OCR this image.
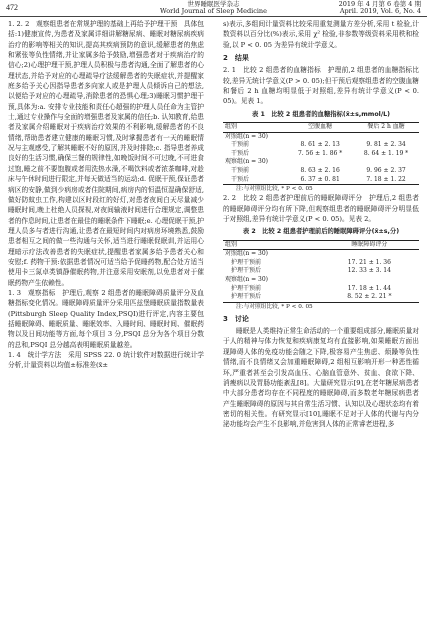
472	世界睡眠医学杂志
World Journal of Sleep Medicine
2019 年 4 月第 6 卷第 4 期
April. 2019, Vol. 6, No. 4

1. 2. 2　观察组患者在常规护理的基础上再给予护理干预　具体包括:1)健康宣传,为患者及家属详细讲解糖尿病、睡眠对糖尿病疾病治疗的影响等相关的知识,提高其疾病预防的意识,缓解患者的焦虑和紧张等负性情绪,并让家属多给予鼓励,增强患者对于疾病治疗的信心;2)心理护理干预,护理人员积极与患者沟通,全面了解患者的心理状态,并给予对应的心理疏导疗法缓解患者的失眠症状,并提醒家庭多给予关心因指导患者多向家人或是护理人员倾诉自己的想法,以便给予对应的心理疏导,消除患者的恐惧心理;3)睡眠习惯护理干预,具体为:a. 安排专业技能和责任心超强的护理人员任命为主管护士,通过专业操作与全面的增强患者及家属的信任;b. 认知教育,给患者及家属介绍睡眠对于疾病治疗效果的不利影响,缓解患者的不良情绪,帮助患者建立健康的睡眠习惯,及时掌握患者有一天的睡眠情况与主观感受,了解其睡眠不好的原因,并及时排除;c. 指导患者养成良好的生活习惯,确保三餐的规律性,如晚饭时间不可过晚,不可进食过饱,睡之前不要饱腹或者用洗热水澡,不喝饮料或者浓茶咖啡,对趁床与午休时间进行限定,并每天做适当的运动;d. 促眠干预,保证患者病区的安静,做到少病房或者住院期间,病房内的恒温恒湿确保舒适,做好防蚊虫工作,构建以区时段红的好灯,对患者夜间白天尽量减少睡眠时间,晚上杜绝人员探视,对夜间输液时间进行合理规定,调整患者的作息时间,让患者在最佳的睡眠条件下睡眠;e. 心理促眠干预,护理人员多与者进行沟通,让患者在最短时间内对病房环境熟悉,鼓励患者相互之间的做一些沟通与关怀,适当进行睡眠促眠训,并运用心理暗示疗法改善患者的失眠症状,提醒患者家属多给予患者关心和安慰;f. 药物干预:依据患者情况可适当给予促睡药物,配合处方适当使用卡三氮卓类镇静催眠药物,并注意采用安眠剂,以免患者对于催眠药物产生依赖性。

1. 3　观察指标　护理后,观察 2 组患者的睡眠障碍质量评分及血糖指标变化情况。睡眠障碍质量评分采用匹兹堡睡眠质量指数量表(Pittsburgh Sleep Quality Index,PSQI)进行评定,内容主要包括睡眠障碍、睡眠质量、睡眠效率、入睡时间、睡眠时间、催眠药物以及日间功能等方面,每个项目 3 分,PSQI 总分为各个项目分数的总和,PSQI 总分越高表明睡眠质量越差。

1. 4　统计学方法　采用 SPSS 22. 0 统计软件对数据进行统计学分析,计量资料以均值±标准差(x̄±

s)表示,多组间计量资料比较采用重复测量方差分析,采用 t 检验,计数资料以百分比(%)表示,采用 χ² 检验,非参数等级资料采用秩和检验,以 P < 0. 05 为差异有统计学意义。

2　结果

2. 1　比较 2 组患者的血糖指标　护理前,2 组患者的血糖指标比较,差异无统计学意义(P > 0. 05);但干预后观察组患者的空腹血糖和餐后 2 h 血糖均明显低于对照组,差异有统计学意义(P < 0. 05)。见表 1。

表 1　比较 2 组患者的血糖指标(x̄±s,mmol/L)
组别	空腹血糖	餐后 2 h 血糖
对照组(n = 30)		
干预前	8. 61 ± 2. 13	9. 81 ± 2. 34
干预后	7. 56 ± 1. 86 *	8. 64 ± 1. 19 *
观察组(n = 30)		
干预前	8. 63 ± 2. 16	9. 96 ± 2. 37
干预后	6. 37 ± 0. 81	7. 18 ± 1. 22

注:与对照组比较, * P < 0. 05

2. 2　比较 2 组患者护理前后的睡眠障碍评分　护理后,2 组患者的睡眠障碍评分均有所下降,但观察组患者的睡眠障碍评分明显低于对照组,差异有统计学意义(P < 0. 05)。见表 2。

表 2　比较 2 组患者护理前后的睡眠障碍评分(x̄±s,分)
组别	睡眠障碍评分
对照组(n = 30)	
护理干预前	17. 21 ± 1. 36
护理干预后	12. 33 ± 3. 14
观察组(n = 30)	
护理干预前	17. 18 ± 1. 44
护理干预后	8. 52 ± 2. 21 *

注:与对照组比较, * P < 0. 05

3　讨论

睡眠是人类维持正常生命活动的一个重要组成部分,睡眠质量对于人的精神与体力恢复和疾病康复均有直接影响,如果睡眠方面出现障碍人体的免疫功能会随之下降,极容易产生焦虑、烦躁等负性情绪,而不良情绪又会加重睡眠障碍,2 组相互影响开形一种恶性循环,严重者甚至会引发高血压、心脑血管意外、贫血、食欲下降、消瘦病以及胃肠功能紊乱[8]。大量研究显示[9],在老年糖尿病患者中大部分患者均存在不同程度的睡眠障碍,而多数老年糖尿病患者产生睡眠障碍的原因与其自常生活习惯、认知以及心理状态均有着密切的相关性。有研究显示[10],睡眠不足对于人体的代谢与内分泌功能均会产生不良影响,并危害到人体的正常睿老进程,多
